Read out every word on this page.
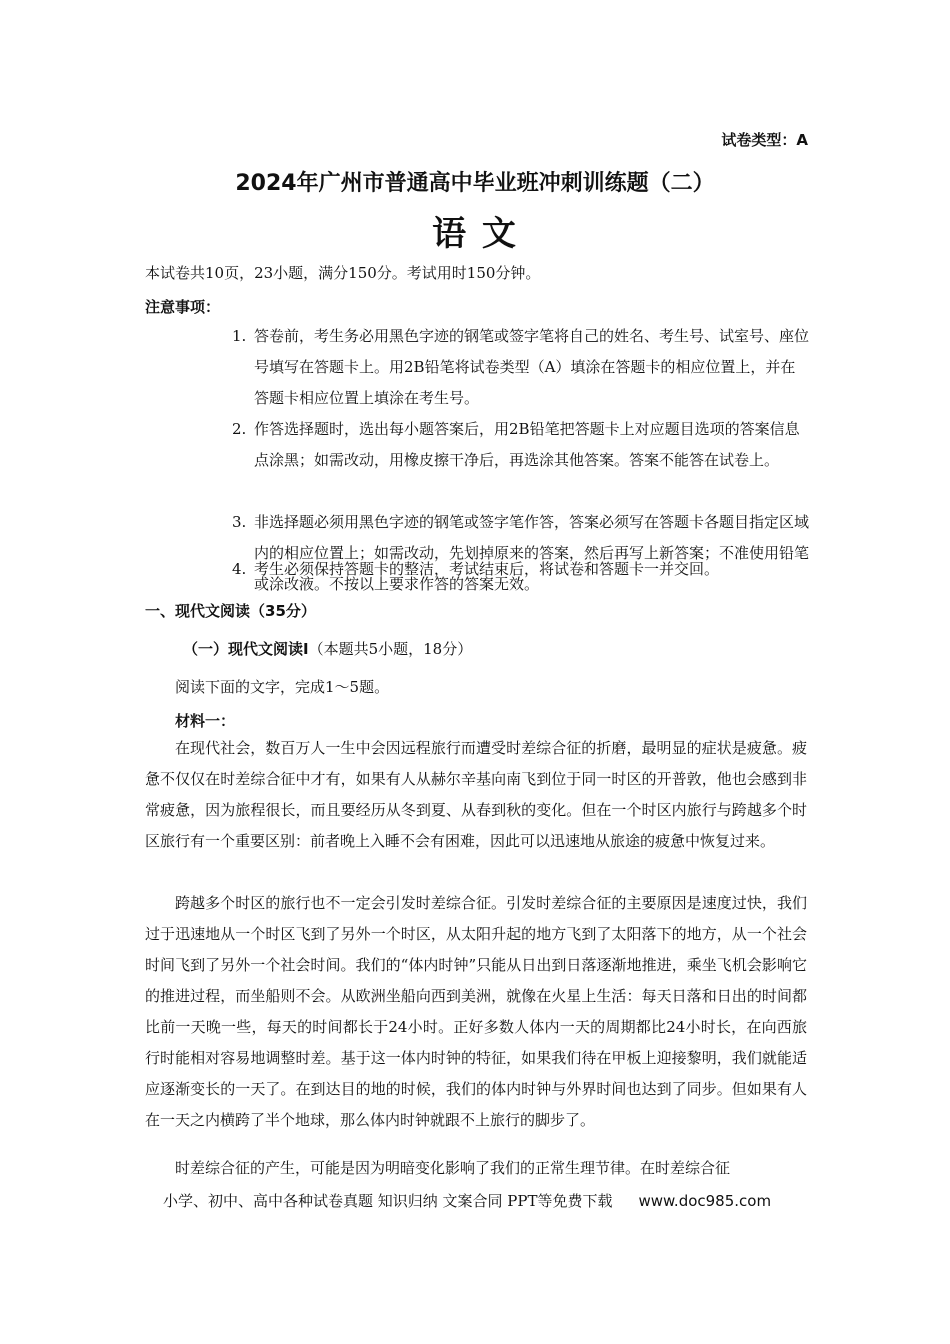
试卷类型：A
2024年广州市普通高中毕业班冲刺训练题（二）
语 文
本试卷共10页，23小题，满分150分。考试用时150分钟。
注意事项：
1. 答卷前，考生务必用黑色字迹的钢笔或签字笔将自己的姓名、考生号、试室号、座位号填写在答题卡上。用2B铅笔将试卷类型（A）填涂在答题卡的相应位置上，并在答题卡相应位置上填涂在考生号。
2. 作答选择题时，选出每小题答案后，用2B铅笔把答题卡上对应题目选项的答案信息点涂黑；如需改动，用橡皮擦干净后，再选涂其他答案。答案不能答在试卷上。
3. 非选择题必须用黑色字迹的钢笔或签字笔作答，答案必须写在答题卡各题目指定区域内的相应位置上；如需改动，先划掉原来的答案，然后再写上新答案；不准使用铅笔或涂改液。不按以上要求作答的答案无效。
4. 考生必须保持答题卡的整洁，考试结束后，将试卷和答题卡一并交回。
一、现代文阅读（35分）
（一）现代文阅读Ⅰ（本题共5小题，18分）
阅读下面的文字，完成1～5题。
材料一：

在现代社会，数百万人一生中会因远程旅行而遭受时差综合征的折磨，最明显的症状是疲惫。疲惫不仅仅在时差综合征中才有，如果有人从赫尔辛基向南飞到位于同一时区的开普敦，他也会感到非常疲惫，因为旅程很长，而且要经历从冬到夏、从春到秋的变化。但在一个时区内旅行与跨越多个时区旅行有一个重要区别：前者晚上入睡不会有困难，因此可以迅速地从旅途的疲惫中恢复过来。

跨越多个时区的旅行也不一定会引发时差综合征。引发时差综合征的主要原因是速度过快，我们过于迅速地从一个时区飞到了另外一个时区，从太阳升起的地方飞到了太阳落下的地方，从一个社会时间飞到了另外一个社会时间。我们的“体内时钟”只能从日出到日落逐渐地推进，乘坐飞机会影响它的推进过程，而坐船则不会。从欧洲坐船向西到美洲，就像在火星上生活：每天日落和日出的时间都比前一天晚一些，每天的时间都长于24小时。正好多数人体内一天的周期都比24小时长，在向西旅行时能相对容易地调整时差。基于这一体内时钟的特征，如果我们待在甲板上迎接黎明，我们就能适应逐渐变长的一天了。在到达目的地的时候，我们的体内时钟与外界时间也达到了同步。但如果有人在一天之内横跨了半个地球，那么体内时钟就跟不上旅行的脚步了。

时差综合征的产生，可能是因为明暗变化影响了我们的正常生理节律。在时差综合征

小学、初中、高中各种试卷真题 知识归纳 文案合同 PPT等免费下载 www.doc985.com
